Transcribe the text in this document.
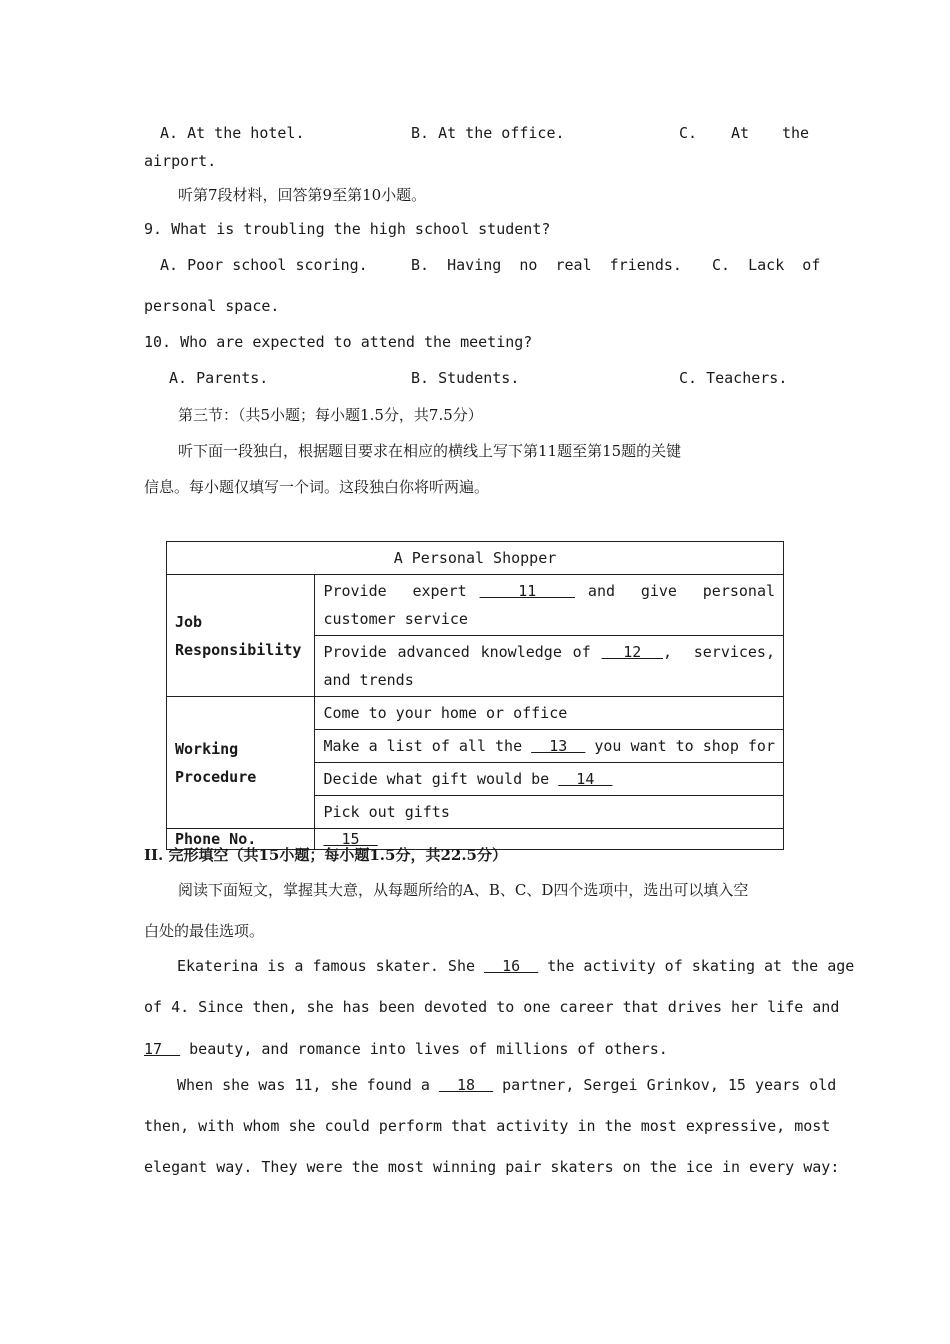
A. At the hotel.	B. At the office.	C. At the
airport.
听第7段材料，回答第9至第10小题。
9. What is troubling the high school student?
A. Poor school scoring.	B.  Having  no  real  friends. C.  Lack  of
personal space.
10. Who are expected to attend the meeting?
A. Parents.	B. Students.	C. Teachers.
第三节：（共5小题；每小题1.5分，共7.5分）
听下面一段独白，根据题目要求在相应的横线上写下第11题至第15题的关键
信息。每小题仅填写一个词。这段独白你将听两遍。
A Personal Shopper	
Job
Responsibility	Provide  expert    11    and  give  personal  customer service
	Provide advanced knowledge of   12  ,  services,  and trends
Working Procedure	Come to your home or office
	Make a list of all the   13   you want to shop for
	Decide what gift would be   14
	Pick out gifts
Phone No.	15
II. 完形填空（共15小题；每小题1.5分，共22.5分）
阅读下面短文，掌握其大意，从每题所给的A、B、C、D四个选项中，选出可以填入空
白处的最佳选项。
Ekaterina is a famous skater. She   16   the activity of skating at the age
of 4. Since then, she has been devoted to one career that drives her life and
17   beauty, and romance into lives of millions of others.
When she was 11, she found a   18   partner, Sergei Grinkov, 15 years old
then, with whom she could perform that activity in the most expressive, most
elegant way. They were the most winning pair skaters on the ice in every way:
